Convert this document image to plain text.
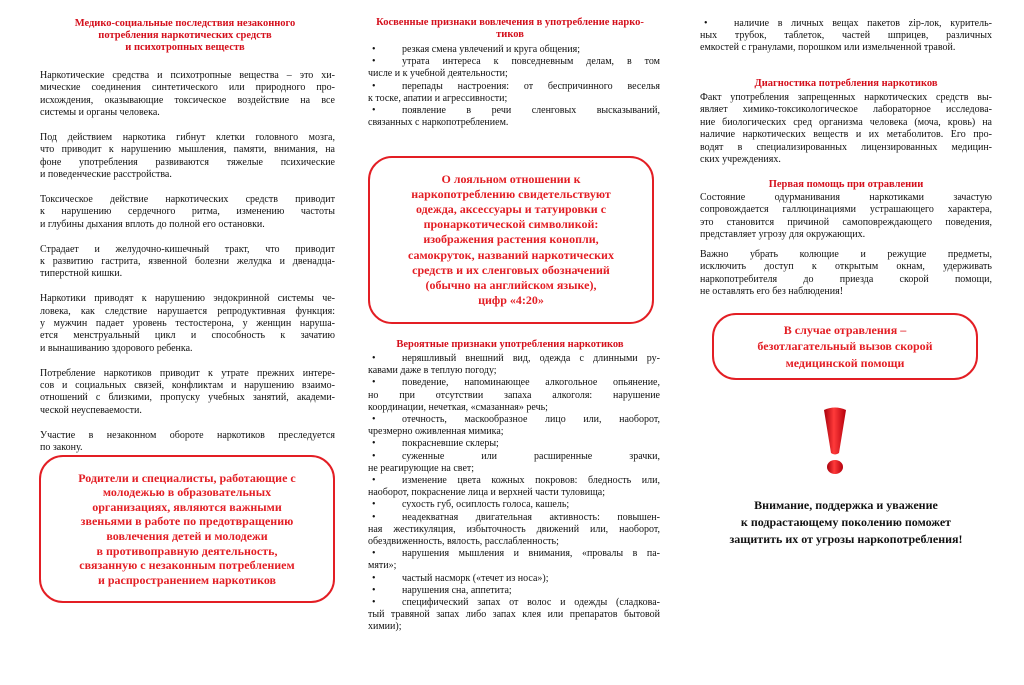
Медико-социальные последствия незаконного
потребления наркотических средств
и психотропных веществ
Наркотические средства и психотропные вещества – это хи-
мические соединения синтетического или природного про-
исхождения, оказывающие токсическое воздействие на все
системы и органы человека.
Под действием наркотика гибнут клетки головного мозга,
что приводит к нарушению мышления, памяти, внимания, на
фоне употребления развиваются тяжелые психические
и поведенческие расстройства.
Токсическое действие наркотических средств приводит
к нарушению сердечного ритма, изменению частоты
и глубины дыхания вплоть до полной его остановки.
Страдает и желудочно-кишечный тракт, что приводит
к развитию гастрита, язвенной болезни желудка и двенадца-
типерстной кишки.
Наркотики приводят к нарушению эндокринной системы че-
ловека, как следствие нарушается репродуктивная функция:
у мужчин падает уровень тестостерона, у женщин наруша-
ется менструальный цикл и способность к зачатию
и вынашиванию здорового ребенка.
Потребление наркотиков приводит к утрате прежних интере-
сов и социальных связей, конфликтам и нарушению взаимо-
отношений с близкими, пропуску учебных занятий, академи-
ческой неуспеваемости.
Участие в незаконном обороте наркотиков преследуется
по закону.
Родители и специалисты, работающие с
молодежью в образовательных
организациях, являются важными
звеньями в работе по предотвращению
вовлечения детей и молодежи
в противоправную деятельность,
связанную с незаконным потреблением
и распространением наркотиков
Косвенные признаки вовлечения в употребление нарко-
тиков
•	резкая смена увлечений и круга общения;
•	утрата интереса к повседневным делам, в том
числе и к учебной деятельности;
•	перепады настроения: от беспричинного веселья
к тоске, апатии и агрессивности;
•	появление в речи сленговых высказываний,
связанных с наркопотреблением.
О лояльном отношении к
наркопотреблению свидетельствуют
одежда, аксессуары и татуировки с
пронаркотической символикой:
изображения растения конопли,
самокруток, названий наркотических
средств и их сленговых обозначений
(обычно на английском языке),
цифр «4:20»
Вероятные признаки употребления наркотиков
•	неряшливый внешний вид, одежда с длинными ру-
кавами даже в теплую погоду;
•	поведение, напоминающее алкогольное опьянение,
но при отсутствии запаха алкоголя: нарушение
координации, нечеткая, «смазанная» речь;
•	отечность, маскообразное лицо или, наоборот,
чрезмерно оживленная мимика;
•	покрасневшие склеры;
•	суженные или расширенные зрачки,
не реагирующие на свет;
•	изменение цвета кожных покровов: бледность или,
наоборот, покраснение лица и верхней части туловища;
•	сухость губ, осиплость голоса, кашель;
•	неадекватная двигательная активность: повышен-
ная жестикуляция, избыточность движений или, наоборот,
обездвиженность, вялость, расслабленность;
•	нарушения мышления и внимания, «провалы в па-
мяти»;
•	частый насморк («течет из носа»);
•	нарушения сна, аппетита;
•	специфический запах от волос и одежды (сладкова-
тый травяной запах либо запах клея или препаратов бытовой
химии);
•	наличие в личных вещах пакетов zip-лок, куритель-
ных трубок, таблеток, частей шприцев, различных
емкостей с гранулами, порошком или измельченной травой.
Диагностика потребления наркотиков
Факт употребления запрещенных наркотических средств вы-
являет химико-токсикологическое лабораторное исследова-
ние биологических сред организма человека (моча, кровь) на
наличие наркотических веществ и их метаболитов. Его про-
водят в специализированных лицензированных медицин-
ских учреждениях.
Первая помощь при отравлении
Состояние одурманивания наркотиками зачастую
сопровождается галлюцинациями устрашающего характера,
это становится причиной самоповреждающего поведения,
представляет угрозу для окружающих.
Важно убрать колющие и режущие предметы,
исключить доступ к открытым окнам, удерживать
наркопотребителя до приезда скорой помощи,
не оставлять его без наблюдения!
В случае отравления –
безотлагательный вызов скорой
медицинской помощи
Внимание, поддержка и уважение
к подрастающему поколению поможет
защитить их от угрозы наркопотребления!
